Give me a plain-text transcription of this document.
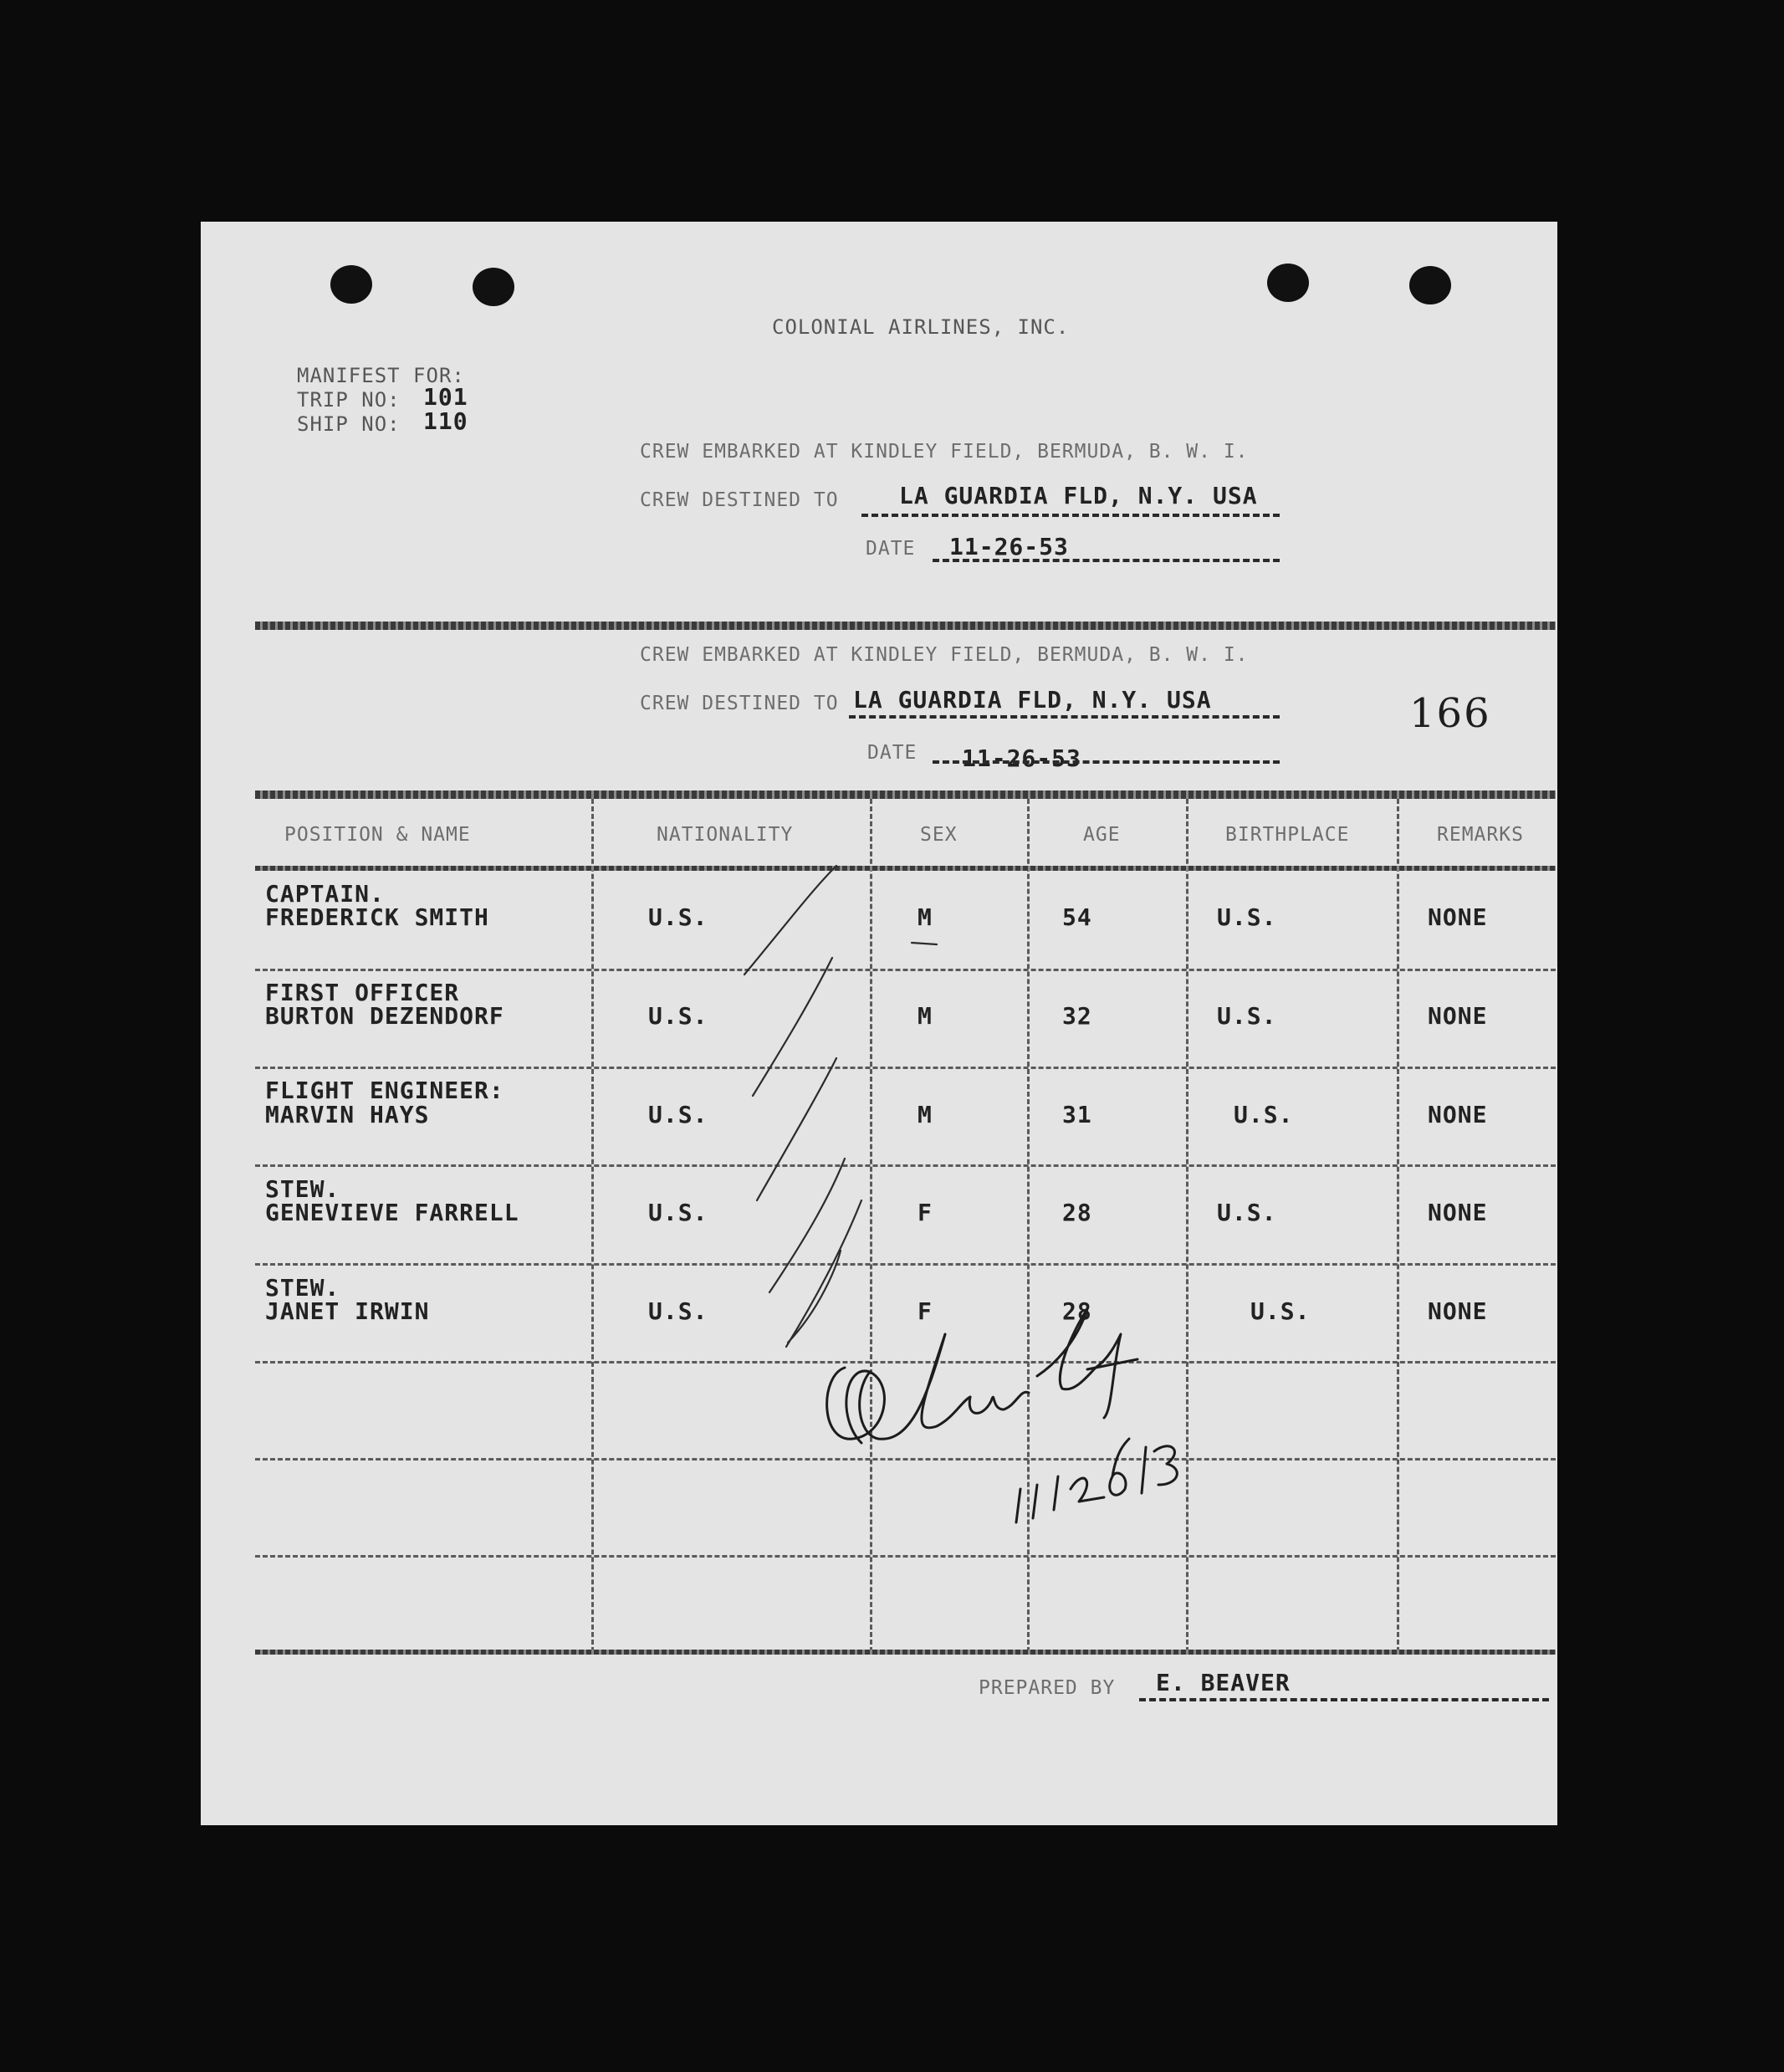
COLONIAL AIRLINES, INC.
MANIFEST FOR:
TRIP NO: 101
SHIP NO: 110
CREW EMBARKED AT KINDLEY FIELD, BERMUDA, B. W. I.
CREW DESTINED TO	LA GUARDIA FLD, N.Y. USA
DATE 11-26-53
CREW EMBARKED AT KINDLEY FIELD, BERMUDA, B. W. I.
CREW DESTINED TO LA GUARDIA FLD, N.Y. USA
DATE 11-26-53
166
POSITION & NAME	NATIONALITY	SEX	AGE	BIRTHPLACE	REMARKS
CAPTAIN.
FREDERICK SMITH	U.S.	M	54	U.S.	NONE
FIRST OFFICER
BURTON DEZENDORF	U.S.	M	32	U.S.	NONE
FLIGHT ENGINEER:
MARVIN HAYS	U.S.	M	31	U.S.	NONE
STEW.
GENEVIEVE FARRELL	U.S.	F	28	U.S.	NONE
STEW.
JANET IRWIN	U.S.	F	28	U.S.	NONE
PREPARED BY E. BEAVER
